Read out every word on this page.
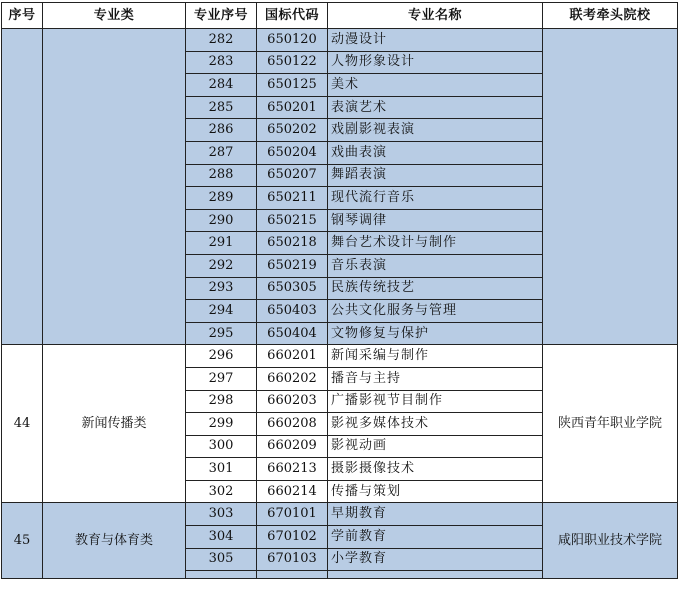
序号	专业类	专业序号	国标代码	专业名称	联考牵头院校
		282	650120	动漫设计	
		283	650122	人物形象设计	
		284	650125	美术	
		285	650201	表演艺术	
		286	650202	戏剧影视表演	
		287	650204	戏曲表演	
		288	650207	舞蹈表演	
		289	650211	现代流行音乐	
		290	650215	钢琴调律	
		291	650218	舞台艺术设计与制作	
		292	650219	音乐表演	
		293	650305	民族传统技艺	
		294	650403	公共文化服务与管理	
		295	650404	文物修复与保护	
44	新闻传播类	296	660201	新闻采编与制作	陕西青年职业学院
		297	660202	播音与主持	
		298	660203	广播影视节目制作	
		299	660208	影视多媒体技术	
		300	660209	影视动画	
		301	660213	摄影摄像技术	
		302	660214	传播与策划	
45	教育与体育类	303	670101	早期教育	咸阳职业技术学院
		304	670102	学前教育	
		305	670103	小学教育	
